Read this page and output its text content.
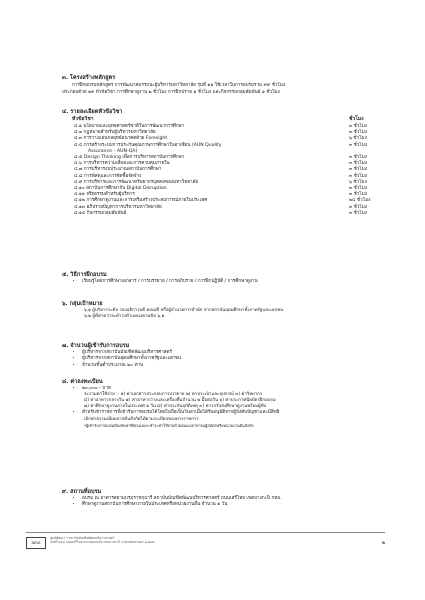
๓. โครงสร้างหลักสูตร
การฝึกอบรมหลักสูตร การพัฒนาสมรรถนะผู้บริหารมหาวิทยาลัย รุ่นที่ ๑๑ ใช้เวลาในการอบรมรวม ๙๙ ชั่วโมง
ประกอบด้วย ๑๙ หัวข้อวิชา การศึกษาดูงาน ๒ ชั่วโมง การฝึกปราย ๑ ชั่วโมง และกิจกรรมกลุ่มสัมพันธ์ ๑ ชั่วโมง
๔. รายละเอียดหัวข้อวิชา
หัวข้อวิชา	ชั่วโมง
๔.๑ นโยบายและยุทธศาสตร์ชาติในการพัฒนาการศึกษา	๓ ชั่วโมง
๔.๒ กฎหมายสำหรับผู้บริหารมหาวิทยาลัย	๓ ชั่วโมง
๔.๓ การวางแผนกลยุทธ์อนาคตด้วย Foresight	๖ ชั่วโมง
๔.๔ การสร้างระบบการประกันคุณภาพการศึกษาในอาเซียน (AUN Quality	๓ ชั่วโมง
Assurance – AUN-QA)
๔.๕ Design Thinking เพื่อการบริหารสถาบันการศึกษา	๓ ชั่วโมง
๔.๖ การบริหารความเสี่ยงและการควบคุมภายใน	๓ ชั่วโมง
๔.๗ การบริหารงบประมาณสถาบันการศึกษา	๓ ชั่วโมง
๔.๘ การพัสดุและการจัดซื้อจัดจ้าง	๓ ชั่วโมง
๔.๙ การบริหารและการพัฒนาทรัพยากรบุคคลของมหาวิทยาลัย	๖ ชั่วโมง
๔.๑๐ สถาบันการศึกษากับ Digital Disruption	๓ ชั่วโมง
๔.๑๑ จริยธรรมสำหรับผู้บริหาร	๓ ชั่วโมง
๔.๑๒ การศึกษาดูงานและการเสริมสร้างประสบการณ์ภายในประเทศ	๒๔ ชั่วโมง
๔.๑๓ อภิปรายปัญหาการบริหารมหาวิทยาลัย	๓ ชั่วโมง
๔.๑๔ กิจกรรมกลุ่มสัมพันธ์	๓ ชั่วโมง
๕. วิธีการฝึกอบรม
• เรียนรู้โดยการศึกษาเอกสาร / การบรรยาย / การอภิปราย / การฝึกปฏิบัติ / การศึกษาดูงาน
๖. กลุ่มเป้าหมาย
๖.๑ ผู้บริหารระดับ รองอธิการบดี คณบดี หรือผู้อำนวยการสำนัก จากสถาบันอุดมศึกษาทั้งภาครัฐและเอกชน
๖.๒ ผู้ที่คาดว่าจะดำรงตำแหน่งตามข้อ ๖.๑
๗. จำนวนผู้เข้ารับการอบรม
• ผู้บริหารจากสถาบันบัณฑิตพัฒนบริหารศาสตร์
• ผู้บริหารจากสถาบันอุดมศึกษาทั้งภาครัฐและเอกชน
• จำนวนขั้นต่ำประมาณ ๒๐ ท่าน
๘. ค่าลงทะเบียน
• ๒๐,๐๐๐.- บาท
จะรวมค่าใช้จ่าย :- ๑) ค่าเอกสารประกอบการบรรยาย ๒) ค่าประเป๋าและอุปกรณ์ ๓) ค่าวิทยากร
๔) ค่าอาหารกลางวัน ๕) ค่าอาหารว่างและเครื่องดื่มจำนวน ๒ มื้อต่อวัน ๖) ค่าประกาศนียบัตรฝึกอบรม
๗) ค่าศึกษาดูงานภายในประเทศ ๑ วัน ๘) ค่าประกันอุบัติเหตุ ๙) ค่ารถรับส่งศึกษาดูงานพร้อมผู้ขับ
• สำหรับข้าราชการที่เข้ารับการอบรมได้โดยไม่ถือเป็นวันลาเมื่อได้รับอนุมัติจากผู้บังคับบัญชาและมีสิทธิ
เบิกค่าธรรมเนียมจากต้นสังกัดได้ตามระเบียบของทางราชการ
*ผู้เข้ารับการอบรมต้องจัดหาที่พักเองและชำระค่าใช้จ่ายด้วยตนเองจากกรมผู้สมัครหรือหน่วยงานต้นสังกัด
๙. สถานที่อบรม
• อบรม ณ อาคารสยามบรมราชกุมารี สถาบันบัณฑิตพัฒนบริหารศาสตร์ ถนนเสรีไทย เขตบางกะปิ กทม.
• ศึกษาดูงานสถาบันการศึกษาภายในประเทศหรือหน่วยงานอื่น จำนวน ๑ วัน
NIDA
ศูนย์พัฒนา ฯ สถาบันบัณฑิตพัฒนบริหารศาสตร์
เลขที่ ๑๑๘ ถนนเสรีไทย แขวงคลองจั่น เขตบางกะปิ กรุงเทพมหานคร ๑๐๒๔๐	๒
